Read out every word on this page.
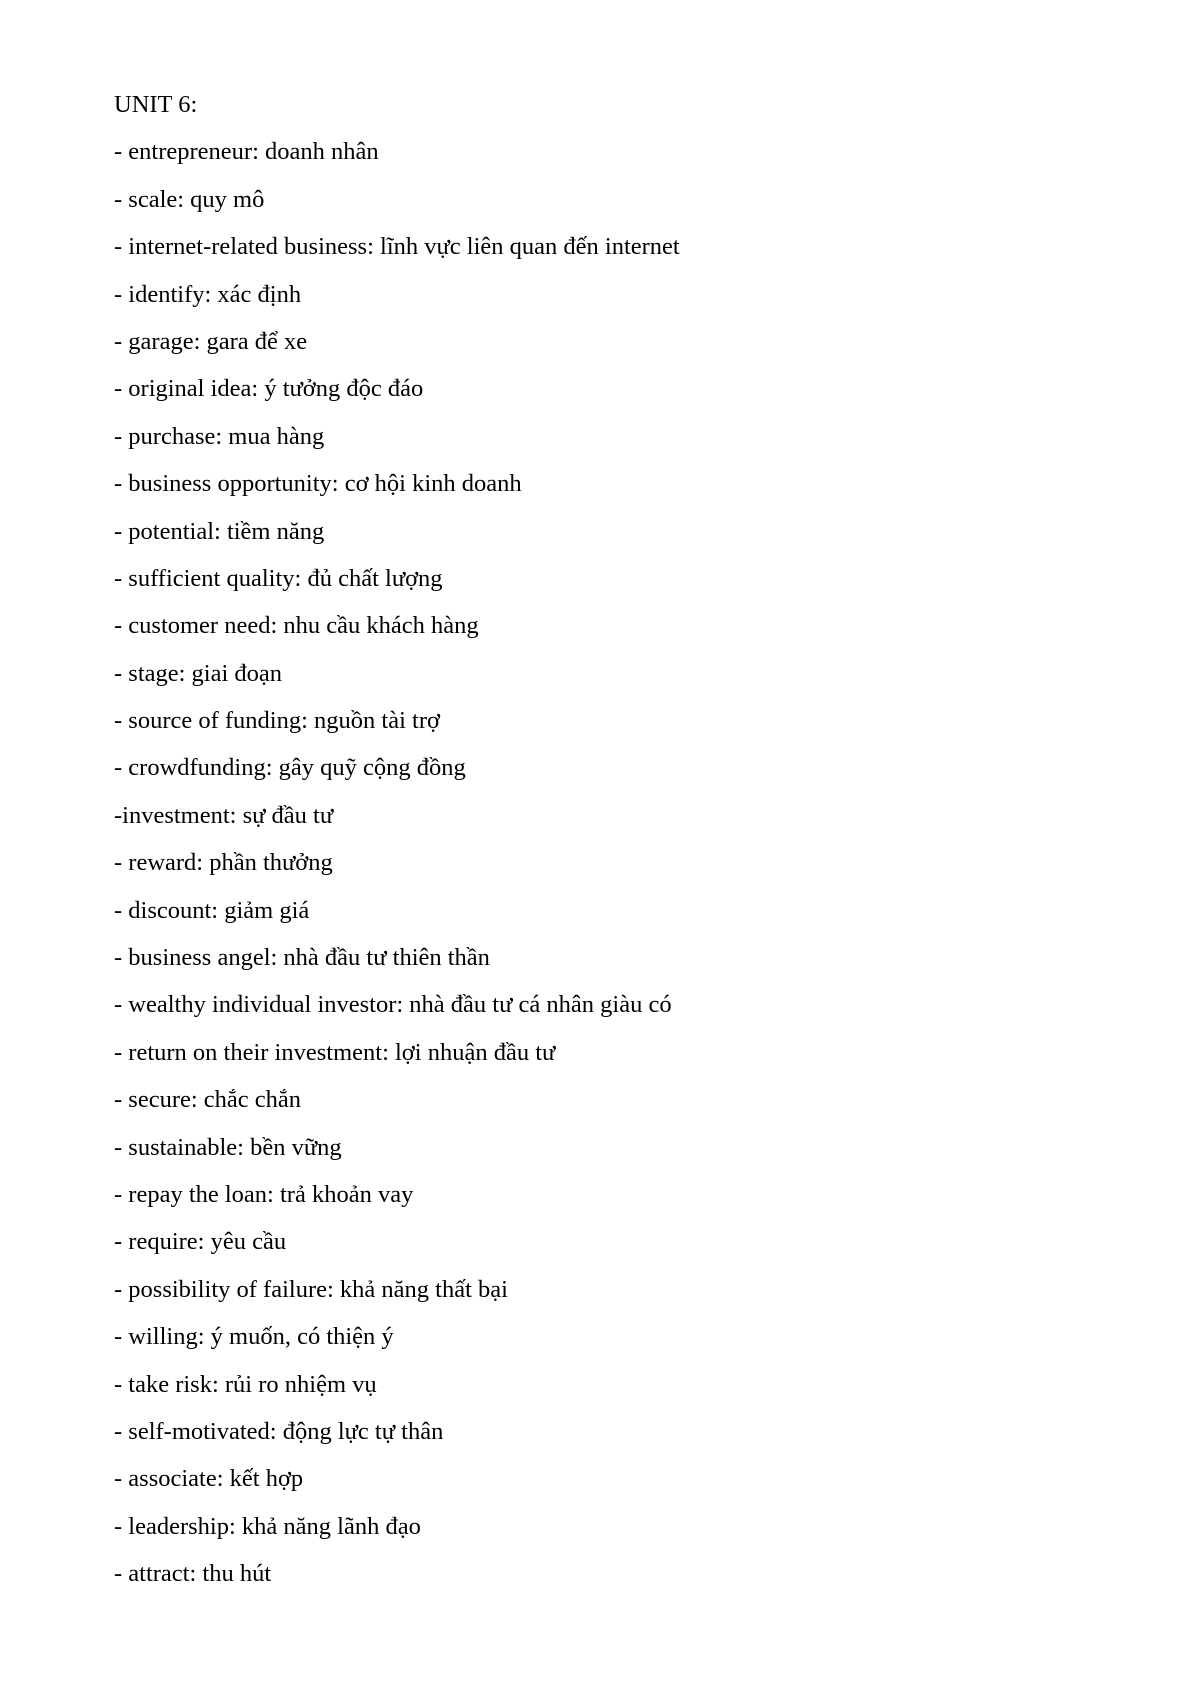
UNIT 6:
- entrepreneur: doanh nhân
- scale: quy mô
- internet-related business: lĩnh vực liên quan đến internet
- identify: xác định
- garage: gara để xe
- original idea: ý tưởng độc đáo
- purchase: mua hàng
- business opportunity: cơ hội kinh doanh
- potential: tiềm năng
- sufficient quality: đủ chất lượng
- customer need: nhu cầu khách hàng
- stage: giai đoạn
- source of funding: nguồn tài trợ
- crowdfunding: gây quỹ cộng đồng
-investment: sự đầu tư
- reward: phần thưởng
- discount: giảm giá
- business angel: nhà đầu tư thiên thần
- wealthy individual investor: nhà đầu tư cá nhân giàu có
- return on their investment: lợi nhuận đầu tư
- secure: chắc chắn
- sustainable: bền vững
- repay the loan: trả khoản vay
- require: yêu cầu
- possibility of failure: khả năng thất bại
- willing: ý muốn, có thiện ý
- take risk: rủi ro nhiệm vụ
- self-motivated: động lực tự thân
- associate: kết hợp
- leadership: khả năng lãnh đạo
- attract: thu hút
